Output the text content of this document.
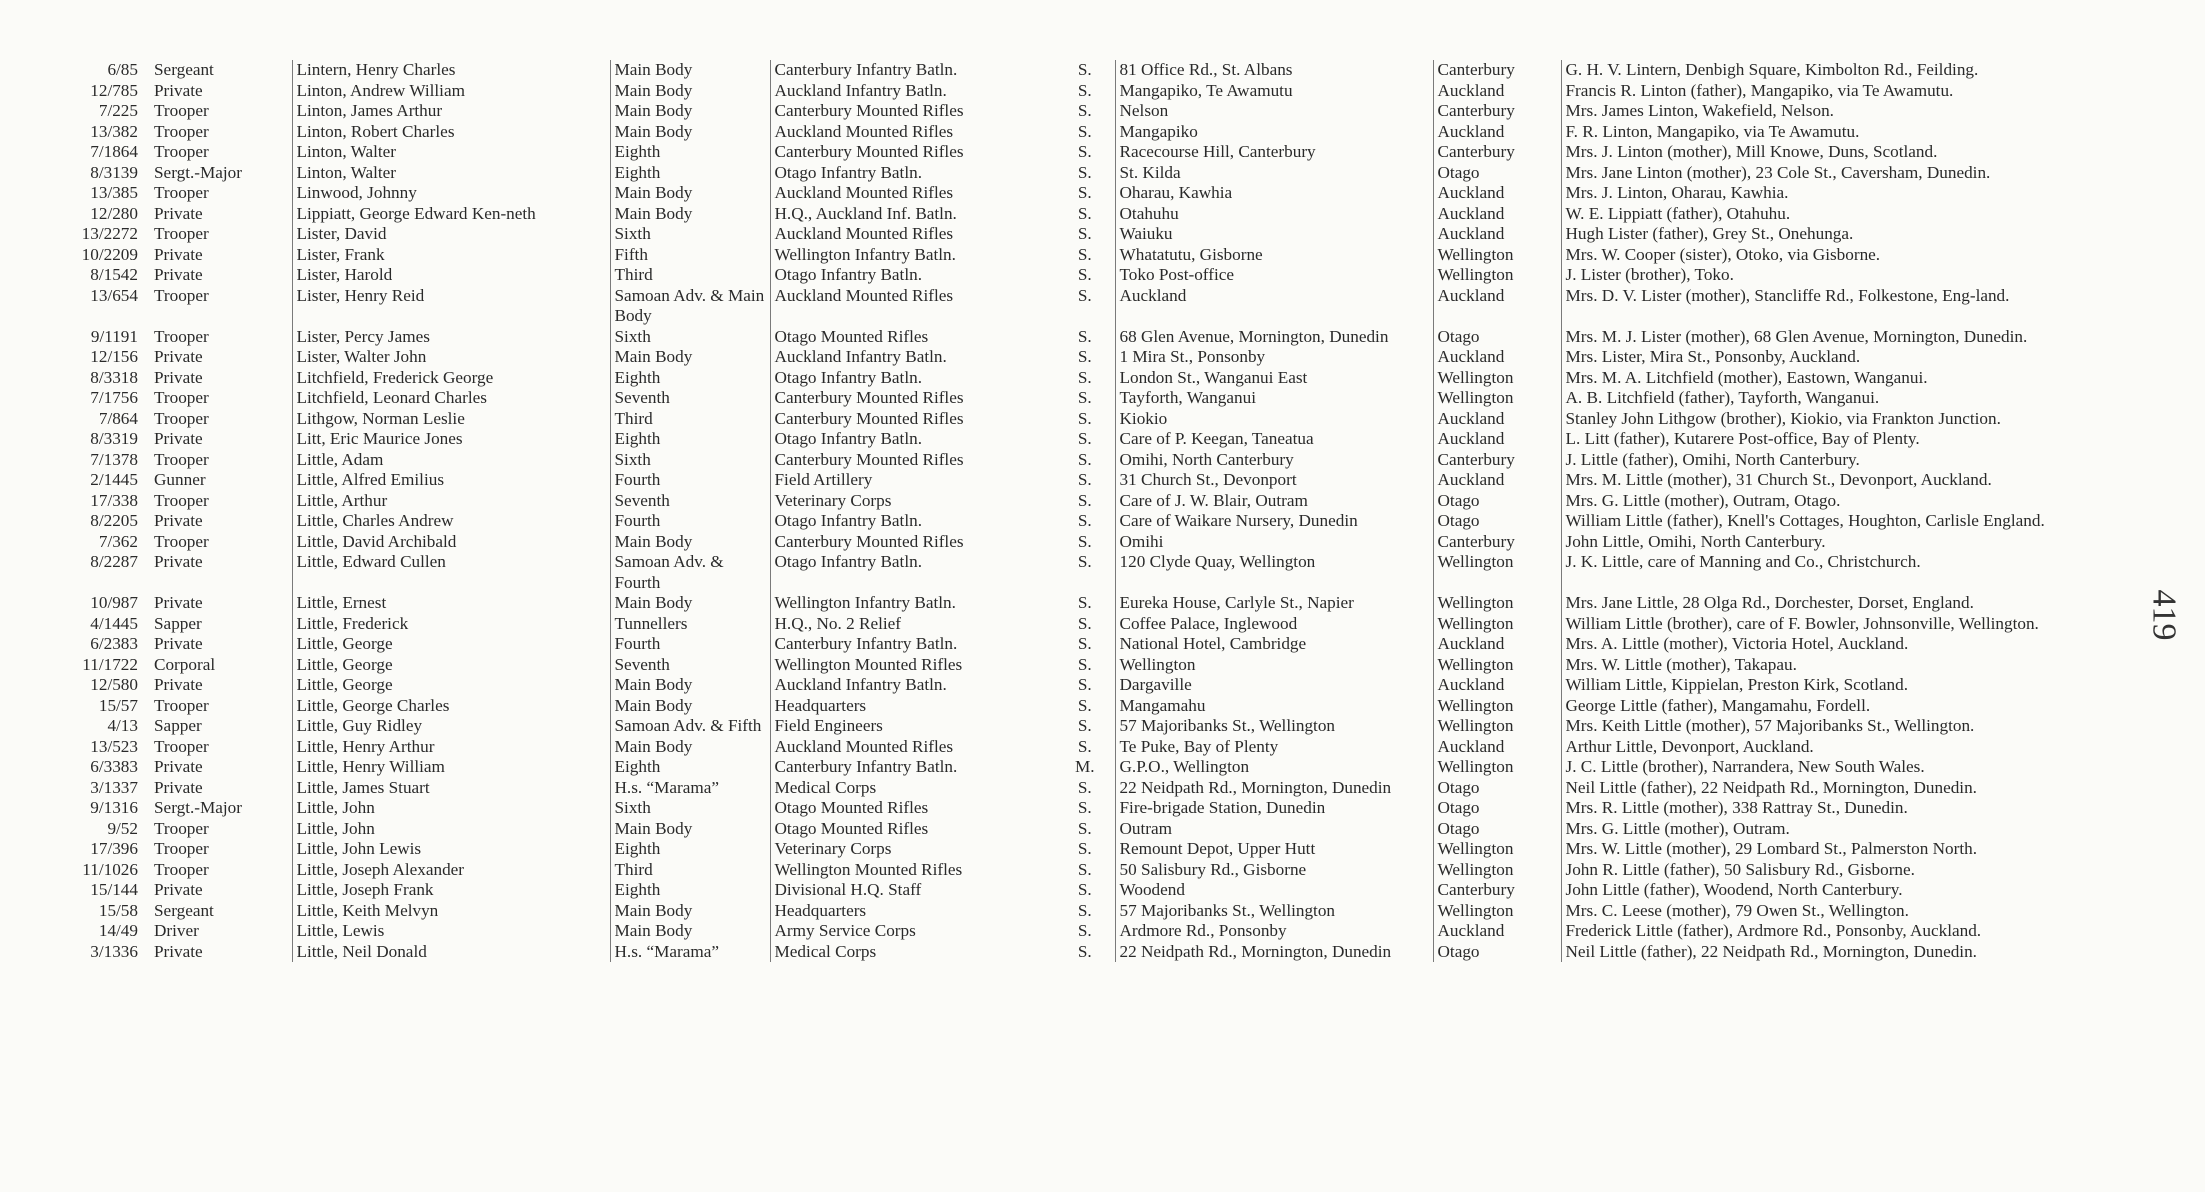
6/85	Sergeant	Lintern, Henry Charles	Main Body	Canterbury Infantry Batln.	S.	81 Office Rd., St. Albans	Canterbury	G. H. V. Lintern, Denbigh Square, Kimbolton Rd., Feilding.
12/785	Private	Linton, Andrew William	Main Body	Auckland Infantry Batln.	S.	Mangapiko, Te Awamutu	Auckland	Francis R. Linton (father), Mangapiko, via Te Awamutu.
7/225	Trooper	Linton, James Arthur	Main Body	Canterbury Mounted Rifles	S.	Nelson	Canterbury	Mrs. James Linton, Wakefield, Nelson.
13/382	Trooper	Linton, Robert Charles	Main Body	Auckland Mounted Rifles	S.	Mangapiko	Auckland	F. R. Linton, Mangapiko, via Te Awamutu.
7/1864	Trooper	Linton, Walter	Eighth	Canterbury Mounted Rifles	S.	Racecourse Hill, Canterbury	Canterbury	Mrs. J. Linton (mother), Mill Knowe, Duns, Scotland.
8/3139	Sergt.-Major	Linton, Walter	Eighth	Otago Infantry Batln.	S.	St. Kilda	Otago	Mrs. Jane Linton (mother), 23 Cole St., Caversham, Dunedin.
13/385	Trooper	Linwood, Johnny	Main Body	Auckland Mounted Rifles	S.	Oharau, Kawhia	Auckland	Mrs. J. Linton, Oharau, Kawhia.
12/280	Private	Lippiatt, George Edward Ken-neth	Main Body	H.Q., Auckland Inf. Batln.	S.	Otahuhu	Auckland	W. E. Lippiatt (father), Otahuhu.
13/2272	Trooper	Lister, David	Sixth	Auckland Mounted Rifles	S.	Waiuku	Auckland	Hugh Lister (father), Grey St., Onehunga.
10/2209	Private	Lister, Frank	Fifth	Wellington Infantry Batln.	S.	Whatatutu, Gisborne	Wellington	Mrs. W. Cooper (sister), Otoko, via Gisborne.
8/1542	Private	Lister, Harold	Third	Otago Infantry Batln.	S.	Toko Post-office	Wellington	J. Lister (brother), Toko.
13/654	Trooper	Lister, Henry Reid	Samoan Adv. & Main Body	Auckland Mounted Rifles	S.	Auckland	Auckland	Mrs. D. V. Lister (mother), Stancliffe Rd., Folkestone, Eng-land.
9/1191	Trooper	Lister, Percy James	Sixth	Otago Mounted Rifles	S.	68 Glen Avenue, Mornington, Dunedin	Otago	Mrs. M. J. Lister (mother), 68 Glen Avenue, Mornington, Dunedin.
12/156	Private	Lister, Walter John	Main Body	Auckland Infantry Batln.	S.	1 Mira St., Ponsonby	Auckland	Mrs. Lister, Mira St., Ponsonby, Auckland.
8/3318	Private	Litchfield, Frederick George	Eighth	Otago Infantry Batln.	S.	London St., Wanganui East	Wellington	Mrs. M. A. Litchfield (mother), Eastown, Wanganui.
7/1756	Trooper	Litchfield, Leonard Charles	Seventh	Canterbury Mounted Rifles	S.	Tayforth, Wanganui	Wellington	A. B. Litchfield (father), Tayforth, Wanganui.
7/864	Trooper	Lithgow, Norman Leslie	Third	Canterbury Mounted Rifles	S.	Kiokio	Auckland	Stanley John Lithgow (brother), Kiokio, via Frankton Junction.
8/3319	Private	Litt, Eric Maurice Jones	Eighth	Otago Infantry Batln.	S.	Care of P. Keegan, Taneatua	Auckland	L. Litt (father), Kutarere Post-office, Bay of Plenty.
7/1378	Trooper	Little, Adam	Sixth	Canterbury Mounted Rifles	S.	Omihi, North Canterbury	Canterbury	J. Little (father), Omihi, North Canterbury.
2/1445	Gunner	Little, Alfred Emilius	Fourth	Field Artillery	S.	31 Church St., Devonport	Auckland	Mrs. M. Little (mother), 31 Church St., Devonport, Auckland.
17/338	Trooper	Little, Arthur	Seventh	Veterinary Corps	S.	Care of J. W. Blair, Outram	Otago	Mrs. G. Little (mother), Outram, Otago.
8/2205	Private	Little, Charles Andrew	Fourth	Otago Infantry Batln.	S.	Care of Waikare Nursery, Dunedin	Otago	William Little (father), Knell's Cottages, Houghton, Carlisle England.
7/362	Trooper	Little, David Archibald	Main Body	Canterbury Mounted Rifles	S.	Omihi	Canterbury	John Little, Omihi, North Canterbury.
8/2287	Private	Little, Edward Cullen	Samoan Adv. & Fourth	Otago Infantry Batln.	S.	120 Clyde Quay, Wellington	Wellington	J. K. Little, care of Manning and Co., Christchurch.
10/987	Private	Little, Ernest	Main Body	Wellington Infantry Batln.	S.	Eureka House, Carlyle St., Napier	Wellington	Mrs. Jane Little, 28 Olga Rd., Dorchester, Dorset, England.
4/1445	Sapper	Little, Frederick	Tunnellers	H.Q., No. 2 Relief	S.	Coffee Palace, Inglewood	Wellington	William Little (brother), care of F. Bowler, Johnsonville, Wellington.
6/2383	Private	Little, George	Fourth	Canterbury Infantry Batln.	S.	National Hotel, Cambridge	Auckland	Mrs. A. Little (mother), Victoria Hotel, Auckland.
11/1722	Corporal	Little, George	Seventh	Wellington Mounted Rifles	S.	Wellington	Wellington	Mrs. W. Little (mother), Takapau.
12/580	Private	Little, George	Main Body	Auckland Infantry Batln.	S.	Dargaville	Auckland	William Little, Kippielan, Preston Kirk, Scotland.
15/57	Trooper	Little, George Charles	Main Body	Headquarters	S.	Mangamahu	Wellington	George Little (father), Mangamahu, Fordell.
4/13	Sapper	Little, Guy Ridley	Samoan Adv. & Fifth	Field Engineers	S.	57 Majoribanks St., Wellington	Wellington	Mrs. Keith Little (mother), 57 Majoribanks St., Wellington.
13/523	Trooper	Little, Henry Arthur	Main Body	Auckland Mounted Rifles	S.	Te Puke, Bay of Plenty	Auckland	Arthur Little, Devonport, Auckland.
6/3383	Private	Little, Henry William	Eighth	Canterbury Infantry Batln.	M.	G.P.O., Wellington	Wellington	J. C. Little (brother), Narrandera, New South Wales.
3/1337	Private	Little, James Stuart	H.s. “Marama”	Medical Corps	S.	22 Neidpath Rd., Mornington, Dunedin	Otago	Neil Little (father), 22 Neidpath Rd., Mornington, Dunedin.
9/1316	Sergt.-Major	Little, John	Sixth	Otago Mounted Rifles	S.	Fire-brigade Station, Dunedin	Otago	Mrs. R. Little (mother), 338 Rattray St., Dunedin.
9/52	Trooper	Little, John	Main Body	Otago Mounted Rifles	S.	Outram	Otago	Mrs. G. Little (mother), Outram.
17/396	Trooper	Little, John Lewis	Eighth	Veterinary Corps	S.	Remount Depot, Upper Hutt	Wellington	Mrs. W. Little (mother), 29 Lombard St., Palmerston North.
11/1026	Trooper	Little, Joseph Alexander	Third	Wellington Mounted Rifles	S.	50 Salisbury Rd., Gisborne	Wellington	John R. Little (father), 50 Salisbury Rd., Gisborne.
15/144	Private	Little, Joseph Frank	Eighth	Divisional H.Q. Staff	S.	Woodend	Canterbury	John Little (father), Woodend, North Canterbury.
15/58	Sergeant	Little, Keith Melvyn	Main Body	Headquarters	S.	57 Majoribanks St., Wellington	Wellington	Mrs. C. Leese (mother), 79 Owen St., Wellington.
14/49	Driver	Little, Lewis	Main Body	Army Service Corps	S.	Ardmore Rd., Ponsonby	Auckland	Frederick Little (father), Ardmore Rd., Ponsonby, Auckland.
3/1336	Private	Little, Neil Donald	H.s. “Marama”	Medical Corps	S.	22 Neidpath Rd., Mornington, Dunedin	Otago	Neil Little (father), 22 Neidpath Rd., Mornington, Dunedin.
419
